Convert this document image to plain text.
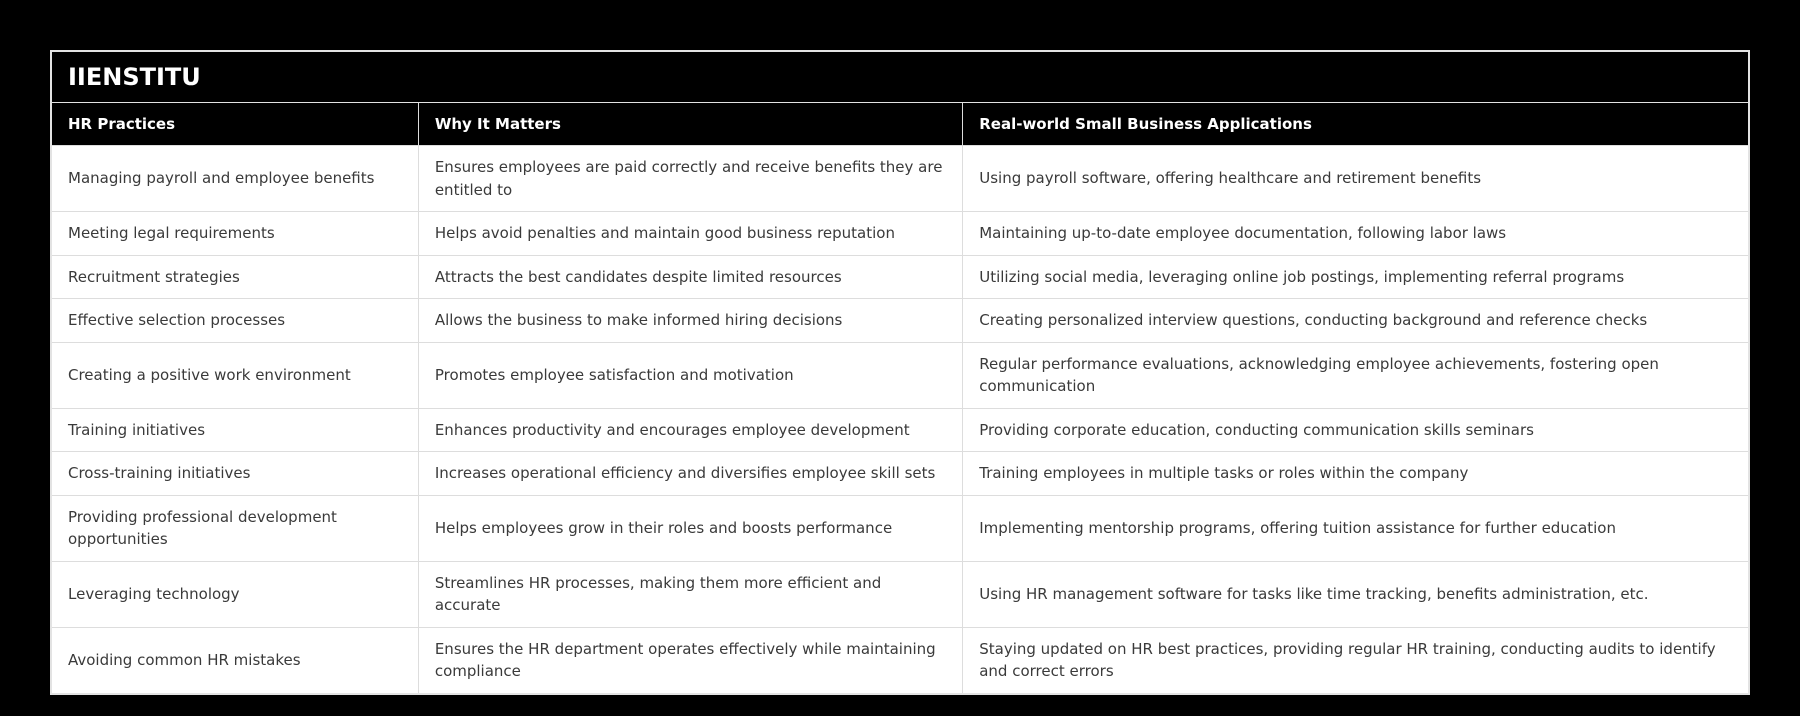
IIENSTITU
HR Practices	Why It Matters	Real-world Small Business Applications
Managing payroll and employee benefits	Ensures employees are paid correctly and receive benefits they are entitled to	Using payroll software, offering healthcare and retirement benefits
Meeting legal requirements	Helps avoid penalties and maintain good business reputation	Maintaining up-to-date employee documentation, following labor laws
Recruitment strategies	Attracts the best candidates despite limited resources	Utilizing social media, leveraging online job postings, implementing referral programs
Effective selection processes	Allows the business to make informed hiring decisions	Creating personalized interview questions, conducting background and reference checks
Creating a positive work environment	Promotes employee satisfaction and motivation	Regular performance evaluations, acknowledging employee achievements, fostering open communication
Training initiatives	Enhances productivity and encourages employee development	Providing corporate education, conducting communication skills seminars
Cross-training initiatives	Increases operational efficiency and diversifies employee skill sets	Training employees in multiple tasks or roles within the company
Providing professional development opportunities	Helps employees grow in their roles and boosts performance	Implementing mentorship programs, offering tuition assistance for further education
Leveraging technology	Streamlines HR processes, making them more efficient and accurate	Using HR management software for tasks like time tracking, benefits administration, etc.
Avoiding common HR mistakes	Ensures the HR department operates effectively while maintaining compliance	Staying updated on HR best practices, providing regular HR training, conducting audits to identify and correct errors
